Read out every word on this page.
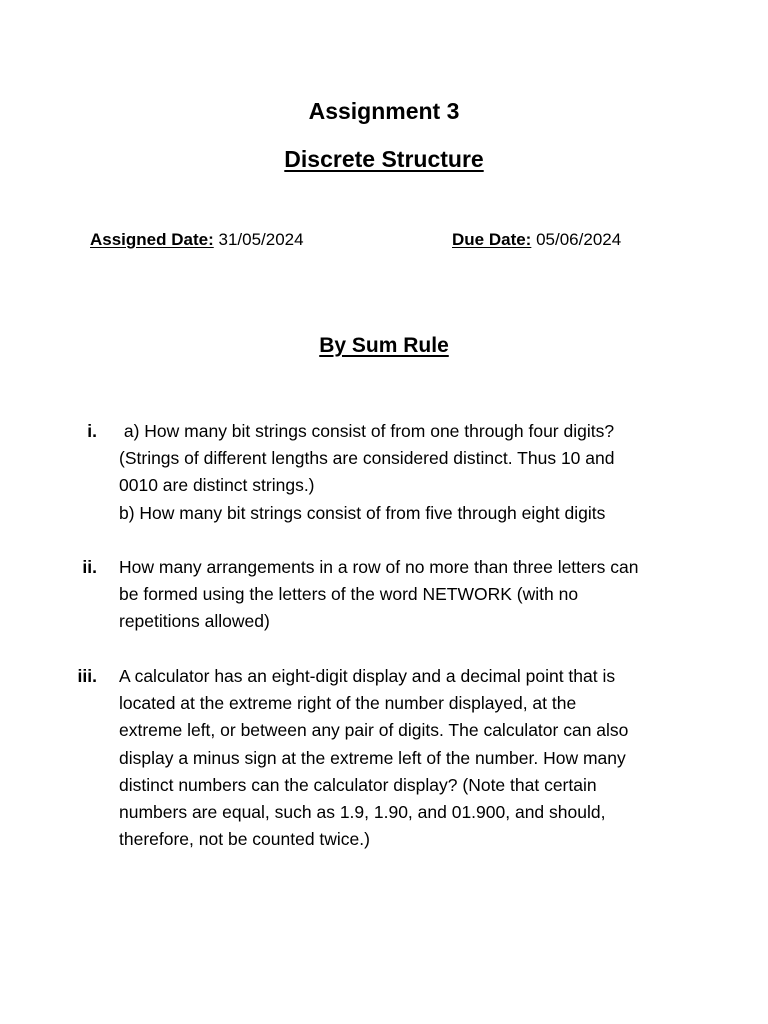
Assignment 3
Discrete Structure
Assigned Date: 31/05/2024	Due Date: 05/06/2024
By Sum Rule
i. a) How many bit strings consist of from one through four digits?
(Strings of different lengths are considered distinct. Thus 10 and
0010 are distinct strings.)
b) How many bit strings consist of from five through eight digits
ii. How many arrangements in a row of no more than three letters can
be formed using the letters of the word NETWORK (with no
repetitions allowed)
iii. A calculator has an eight-digit display and a decimal point that is
located at the extreme right of the number displayed, at the
extreme left, or between any pair of digits. The calculator can also
display a minus sign at the extreme left of the number. How many
distinct numbers can the calculator display? (Note that certain
numbers are equal, such as 1.9, 1.90, and 01.900, and should,
therefore, not be counted twice.)
